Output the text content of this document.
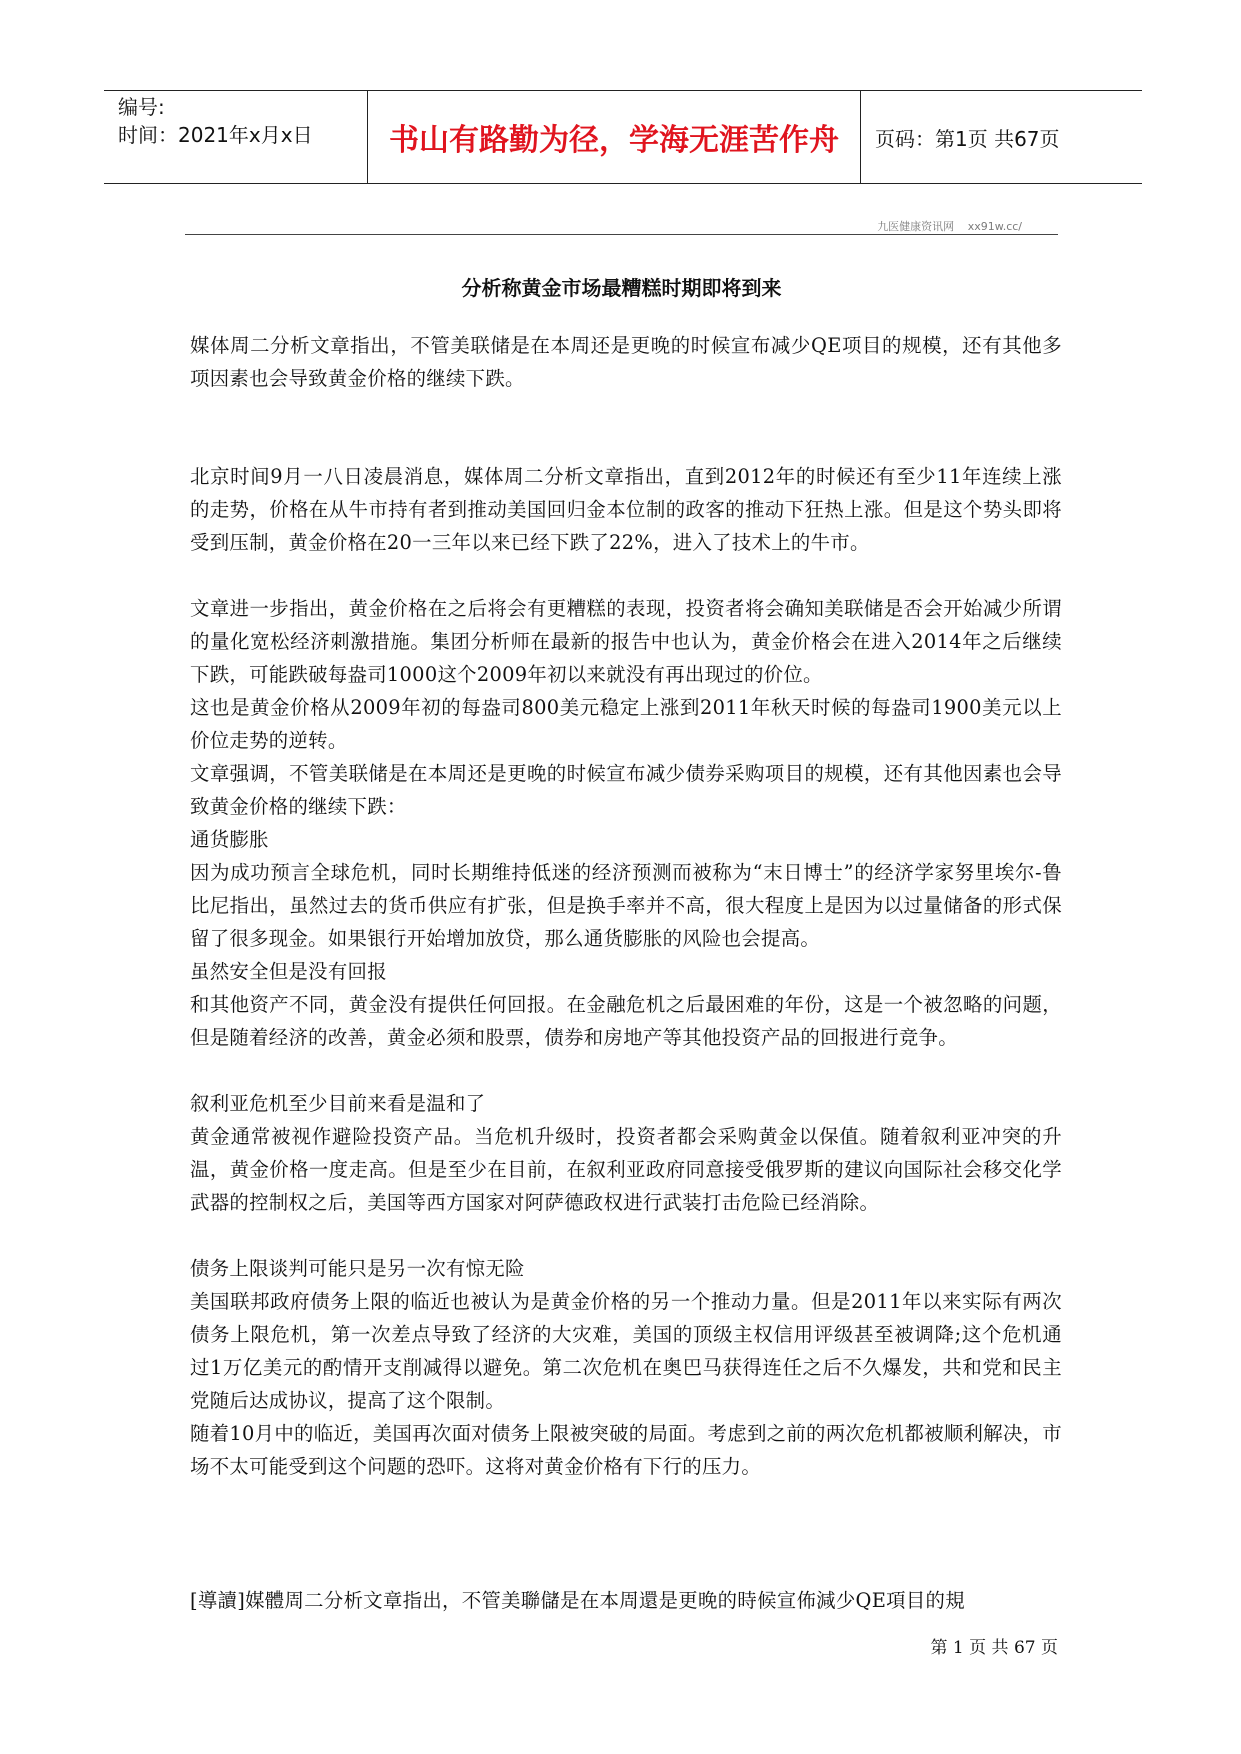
编号:
时间：2021年x月x日	书山有路勤为径，学海无涯苦作舟	页码：第1页 共67页
九医健康资讯网 xx91w.cc/
分析称黄金市场最糟糕时期即将到来

媒体周二分析文章指出，不管美联储是在本周还是更晚的时候宣布减少QE项目的规模，还有其他多项因素也会导致黄金价格的继续下跌。

北京时间9月一八日凌晨消息，媒体周二分析文章指出，直到2012年的时候还有至少11年连续上涨的走势，价格在从牛市持有者到推动美国回归金本位制的政客的推动下狂热上涨。但是这个势头即将受到压制，黄金价格在20一三年以来已经下跌了22%，进入了技术上的牛市。

文章进一步指出，黄金价格在之后将会有更糟糕的表现，投资者将会确知美联储是否会开始减少所谓的量化宽松经济刺激措施。集团分析师在最新的报告中也认为，黄金价格会在进入2014年之后继续下跌，可能跌破每盎司1000这个2009年初以来就没有再出现过的价位。

这也是黄金价格从2009年初的每盎司800美元稳定上涨到2011年秋天时候的每盎司1900美元以上价位走势的逆转。

文章强调，不管美联储是在本周还是更晚的时候宣布减少债券采购项目的规模，还有其他因素也会导致黄金价格的继续下跌：

通货膨胀

因为成功预言全球危机，同时长期维持低迷的经济预测而被称为“末日博士”的经济学家努里埃尔-鲁比尼指出，虽然过去的货币供应有扩张，但是换手率并不高，很大程度上是因为以过量储备的形式保留了很多现金。如果银行开始增加放贷，那么通货膨胀的风险也会提高。

虽然安全但是没有回报

和其他资产不同，黄金没有提供任何回报。在金融危机之后最困难的年份，这是一个被忽略的问题，但是随着经济的改善，黄金必须和股票，债券和房地产等其他投资产品的回报进行竞争。

叙利亚危机至少目前来看是温和了

黄金通常被视作避险投资产品。当危机升级时，投资者都会采购黄金以保值。随着叙利亚冲突的升温，黄金价格一度走高。但是至少在目前，在叙利亚政府同意接受俄罗斯的建议向国际社会移交化学武器的控制权之后，美国等西方国家对阿萨德政权进行武装打击危险已经消除。

债务上限谈判可能只是另一次有惊无险

美国联邦政府债务上限的临近也被认为是黄金价格的另一个推动力量。但是2011年以来实际有两次债务上限危机，第一次差点导致了经济的大灾难，美国的顶级主权信用评级甚至被调降;这个危机通过1万亿美元的酌情开支削减得以避免。第二次危机在奥巴马获得连任之后不久爆发，共和党和民主党随后达成协议，提高了这个限制。

随着10月中的临近，美国再次面对债务上限被突破的局面。考虑到之前的两次危机都被顺利解决，市场不太可能受到这个问题的恐吓。这将对黄金价格有下行的压力。

[導讀]媒體周二分析文章指出，不管美聯儲是在本周還是更晚的時候宣佈減少QE項目的規

第 1 页 共 67 页
